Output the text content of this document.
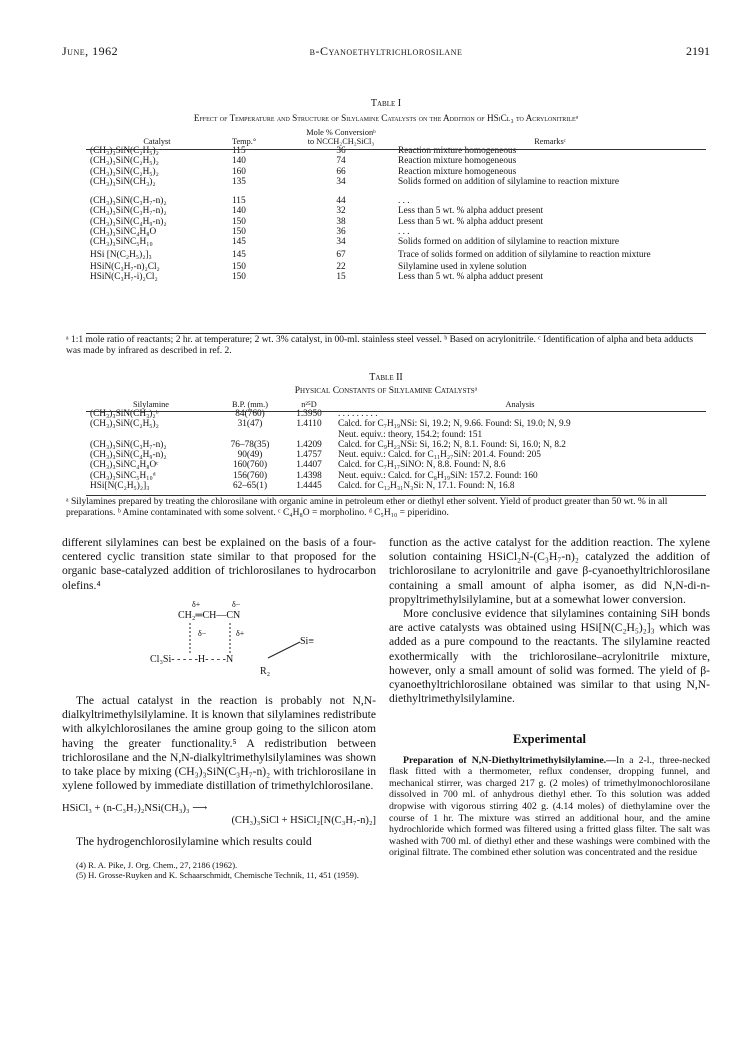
β-Cyanoethyltrichlorosilane
June, 1962	2191
Table I
Effect of Temperature and Structure of Silylamine Catalysts on the Addition of HSiCl₃ to Acrylonitrileᵃ
		Mole % Conversionᵇ	
Catalyst	Temp.°	to NCCH₂CH₂SiCl₃	Remarksᶜ
(CH₃)₃SiN(C₂H₅)₂	115	36	Reaction mixture homogeneous
(CH₃)₃SiN(C₂H₅)₂	140	74	Reaction mixture homogeneous
(CH₃)₃SiN(C₂H₅)₂	160	66	Reaction mixture homogeneous
(CH₃)₃SiN(CH₃)₂	135	34	Solids formed on addition of silylamine to reaction mixture
(CH₃)₃SiN(C₃H₇-n)₂	115	44	. . .
(CH₃)₃SiN(C₃H₇-n)₂	140	32	Less than 5 wt. % alpha adduct present
(CH₃)₃SiN(C₄H₉-n)₂	150	38	Less than 5 wt. % alpha adduct present
(CH₃)₃SiNC₄H₈O	150	36	. . .
(CH₃)₃SiNC₅H₁₀	145	34	Solids formed on addition of silylamine to reaction mixture
HSi [N(C₂H₅)₂]₃	145	67	Trace of solids formed on addition of silylamine to reaction mixture
HSiN(C₃H₇-n)₂Cl₂	150	22	Silylamine used in xylene solution
HSiN(C₃H₇-i)₂Cl₂	150	15	Less than 5 wt. % alpha adduct present
ᵃ 1:1 mole ratio of reactants; 2 hr. at temperature; 2 wt. 3% catalyst, in 00-ml. stainless steel vessel. ᵇ Based on acrylonitrile. ᶜ Identification of alpha and beta adducts was made by infrared as described in ref. 2.
Table II
Physical Constants of Silylamine Catalystsᵃ
Silylamine	B.P. (mm.)	n²⁵D	Analysis
(CH₃)₃SiN(CH₃)₂ᵇ	84(760)	1.3950	. . . . . . . . .
(CH₃)₃SiN(C₂H₅)₂	31(47)	1.4110	Calcd. for C₇H₁₉NSi: Si, 19.2; N, 9.66. Found: Si, 19.0; N, 9.9
			Neut. equiv.: theory, 154.2; found: 151
(CH₃)₃SiN(C₃H₇-n)₂	76–78(35)	1.4209	Calcd. for C₉H₂₃NSi: Si, 16.2; N, 8.1. Found: Si, 16.0; N, 8.2
(CH₃)₃SiN(C₄H₉-n)₂	90(49)	1.4757	Neut. equiv.: Calcd. for C₁₁H₂₇SiN: 201.4. Found: 205
(CH₃)₃SiNC₄H₈Oᶜ	160(760)	1.4407	Calcd. for C₇H₁₇SiNO: N, 8.8. Found: N, 8.6
(CH₃)₃SiNC₅H₁₀ᵈ	156(760)	1.4398	Neut. equiv.: Calcd. for C₈H₁₉SiN: 157.2. Found: 160
HSi[N(C₂H₅)₂]₃	62–65(1)	1.4445	Calcd. for C₁₂H₃₁N₃Si: N, 17.1. Found: N, 16.8
ᵃ Silylamines prepared by treating the chlorosilane with organic amine in petroleum ether or diethyl ether solvent. Yield of product greater than 50 wt. % in all preparations. ᵇ Amine contaminated with some solvent. ᶜ C₄H₈O = morpholino. ᵈ C₅H₁₀ = piperidino.

different silylamines can best be explained on the basis of a four-centered cyclic transition state similar to that proposed for the organic base-catalyzed addition of trichlorosilanes to hydrocarbon olefins.⁴

δ+	δ−
CH₂═CH—CN
δ−	δ+
Si≡
Cl₃Si- - - - -H- - - -N
R₂

The actual catalyst in the reaction is probably not N,N-dialkyltrimethylsilylamine. It is known that silylamines redistribute with alkylchlorosilanes the amine group going to the silicon atom having the greater functionality.⁵ A redistribution between trichlorosilane and the N,N-dialkyltrimethylsilylamines was shown to take place by mixing (CH₃)₃SiN(C₃H₇-n)₂ with trichlorosilane in xylene followed by immediate distillation of trimethylchlorosilane.

HSiCl₃ + (n-C₃H₇)₂NSi(CH₃)₃ ⟶
(CH₃)₃SiCl + HSiCl₂[N(C₃H₇-n)₂]

The hydrogenchlorosilylamine which results could

(4) R. A. Pike, J. Org. Chem., 27, 2186 (1962).
(5) H. Grosse-Ruyken and K. Schaarschmidt, Chemische Technik, 11, 451 (1959).

function as the active catalyst for the addition reaction. The xylene solution containing HSiCl₂N-(C₃H₇-n)₂ catalyzed the addition of trichlorosilane to acrylonitrile and gave β-cyanoethyltrichlorosilane containing a small amount of alpha isomer, as did N,N-di-n-propyltrimethylsilylamine, but at a somewhat lower conversion.

More conclusive evidence that silylamines containing SiH bonds are active catalysts was obtained using HSi[N(C₂H₅)₂]₃ which was added as a pure compound to the reactants. The silylamine reacted exothermically with the trichlorosilane–acrylonitrile mixture, however, only a small amount of solid was formed. The yield of β-cyanoethyltrichlorosilane obtained was similar to that using N,N-diethyltrimethylsilylamine.

Experimental

Preparation of N,N-Diethyltrimethylsilylamine.—In a 2-l., three-necked flask fitted with a thermometer, reflux condenser, dropping funnel, and mechanical stirrer, was charged 217 g. (2 moles) of trimethylmonochlorosilane dissolved in 700 ml. of anhydrous diethyl ether. To this solution was added dropwise with vigorous stirring 402 g. (4.14 moles) of diethylamine over the course of 1 hr. The mixture was stirred an additional hour, and the amine hydrochloride which formed was filtered using a fritted glass filter. The salt was washed with 700 ml. of diethyl ether and these washings were combined with the original filtrate. The combined ether solution was concentrated and the residue
